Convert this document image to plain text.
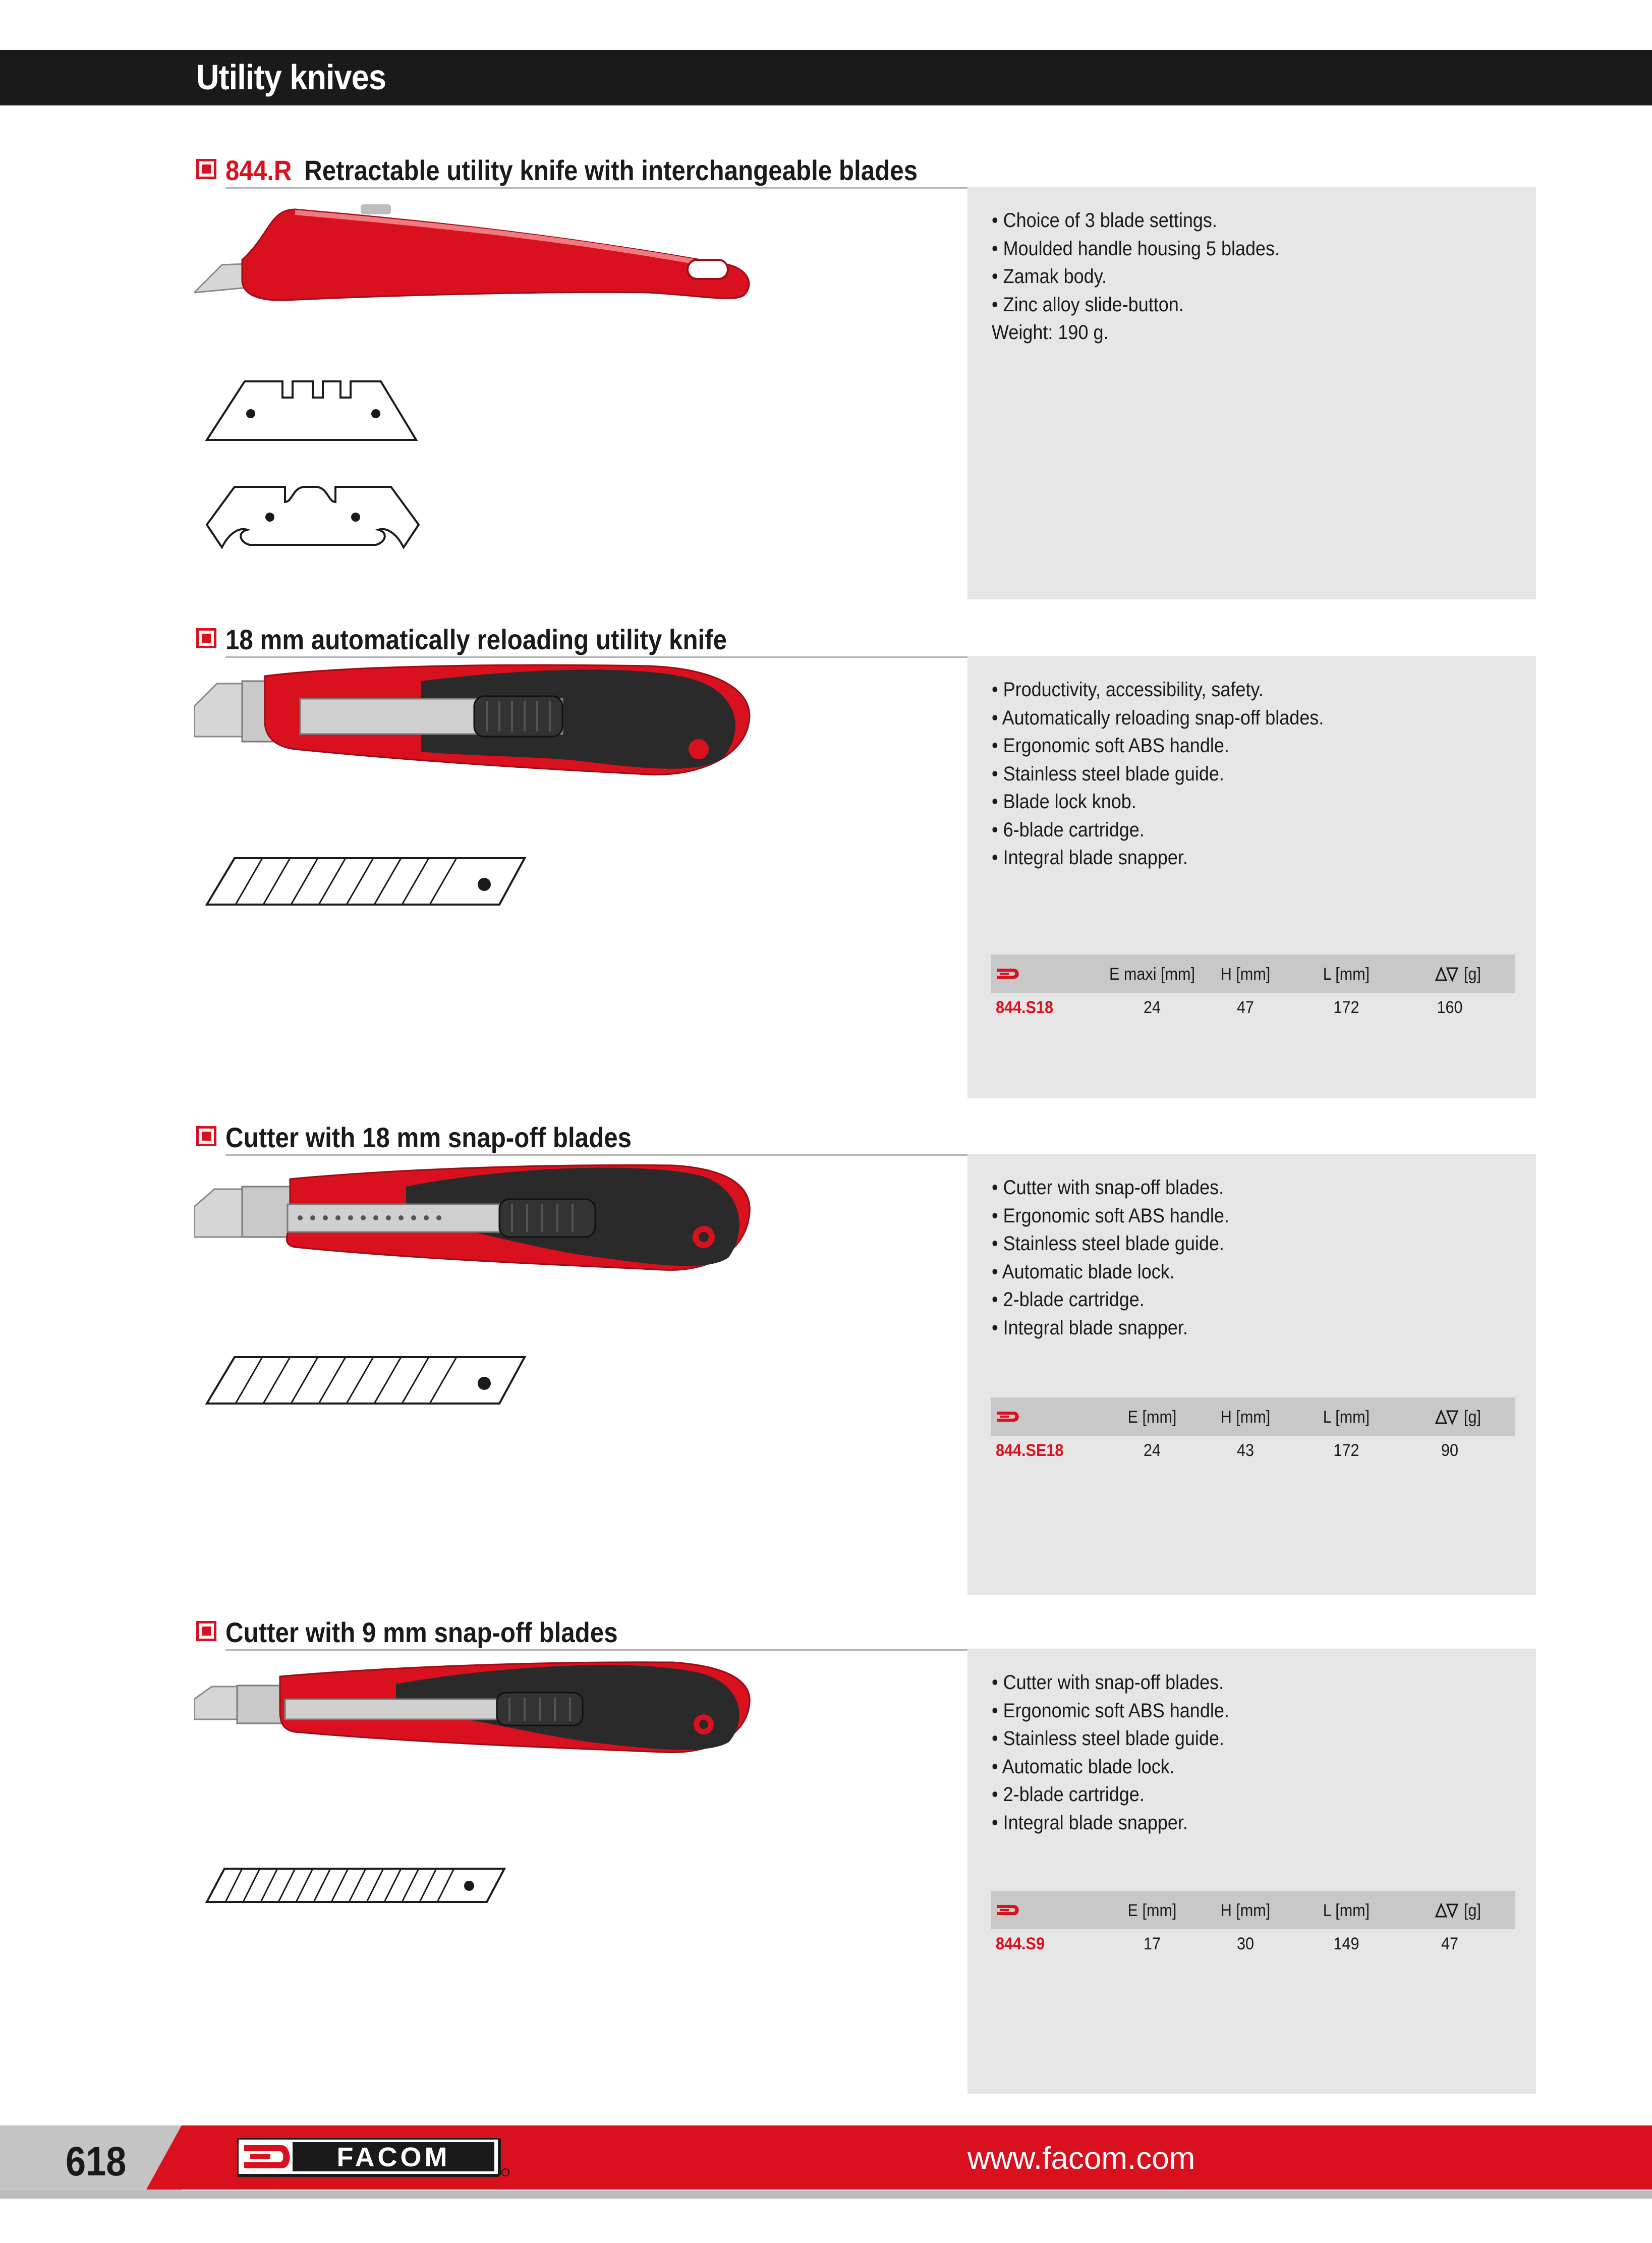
Utility knives
844.R Retractable utility knife with interchangeable blades
• Choice of 3 blade settings.
• Moulded handle housing 5 blades.
• Zamak body.
• Zinc alloy slide-button.
Weight: 190 g.
18 mm automatically reloading utility knife
• Productivity, accessibility, safety.
• Automatically reloading snap-off blades.
• Ergonomic soft ABS handle.
• Stainless steel blade guide.
• Blade lock knob.
• 6-blade cartridge.
• Integral blade snapper.
E maxi [mm]	H [mm]	L [mm]	[g]
844.S18	24	47	172	160
Cutter with 18 mm snap-off blades
• Cutter with snap-off blades.
• Ergonomic soft ABS handle.
• Stainless steel blade guide.
• Automatic blade lock.
• 2-blade cartridge.
• Integral blade snapper.
E [mm]	H [mm]	L [mm]	[g]
844.SE18	24	43	172	90
Cutter with 9 mm snap-off blades
• Cutter with snap-off blades.
• Ergonomic soft ABS handle.
• Stainless steel blade guide.
• Automatic blade lock.
• 2-blade cartridge.
• Integral blade snapper.
E [mm]	H [mm]	L [mm]	[g]
844.S9	17	30	149	47
618	FACOM	www.facom.com
